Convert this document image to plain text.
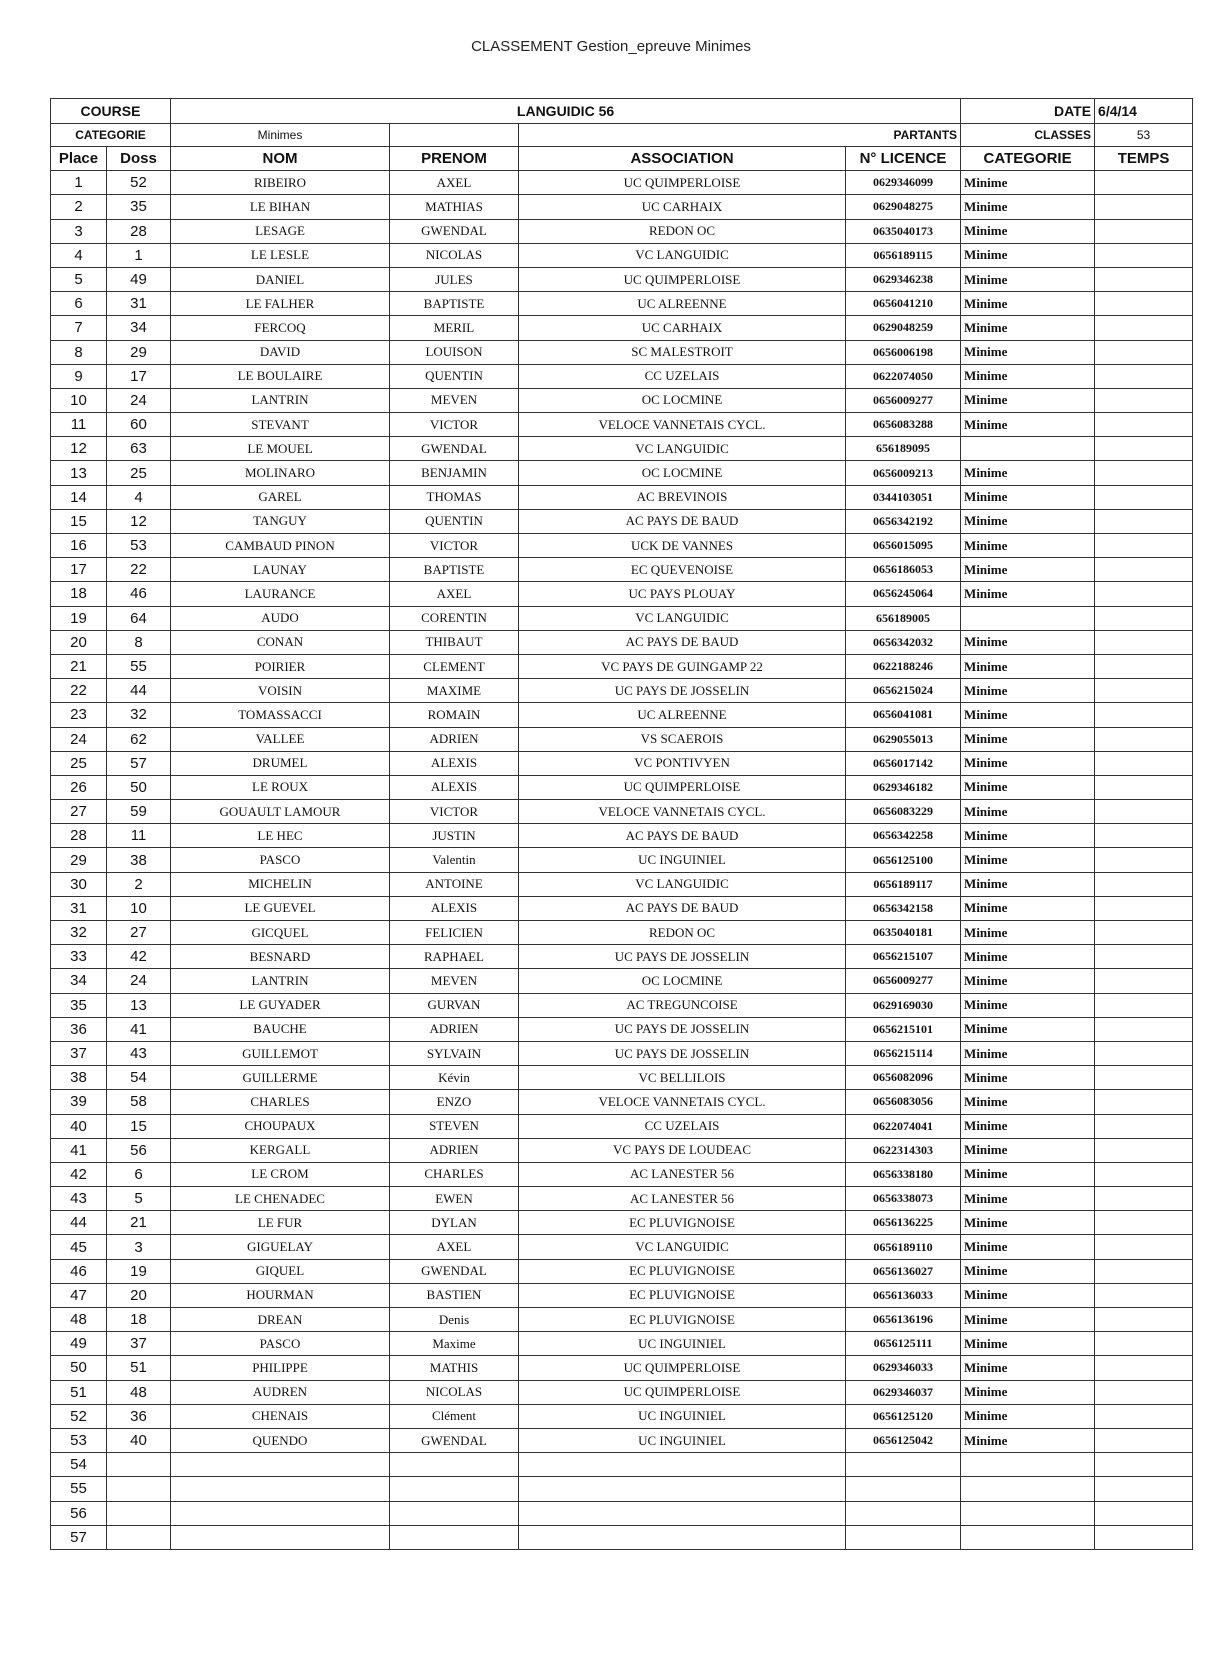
CLASSEMENT Gestion_epreuve Minimes
COURSE		LANGUIDIC 56				DATE	6/4/14
CATEGORIE		Minimes		PARTANTS		CLASSES	53
Place	Doss	NOM	PRENOM	ASSOCIATION	N° LICENCE	CATEGORIE	TEMPS
1	52	RIBEIRO	AXEL	UC QUIMPERLOISE	0629346099	Minime	
2	35	LE BIHAN	MATHIAS	UC CARHAIX	0629048275	Minime	
3	28	LESAGE	GWENDAL	REDON OC	0635040173	Minime	
4	1	LE LESLE	NICOLAS	VC LANGUIDIC	0656189115	Minime	
5	49	DANIEL	JULES	UC QUIMPERLOISE	0629346238	Minime	
6	31	LE FALHER	BAPTISTE	UC ALREENNE	0656041210	Minime	
7	34	FERCOQ	MERIL	UC CARHAIX	0629048259	Minime	
8	29	DAVID	LOUISON	SC MALESTROIT	0656006198	Minime	
9	17	LE BOULAIRE	QUENTIN	CC UZELAIS	0622074050	Minime	
10	24	LANTRIN	MEVEN	OC LOCMINE	0656009277	Minime	
11	60	STEVANT	VICTOR	VELOCE VANNETAIS CYCL.	0656083288	Minime	
12	63	LE MOUEL	GWENDAL	VC LANGUIDIC	656189095		
13	25	MOLINARO	BENJAMIN	OC LOCMINE	0656009213	Minime	
14	4	GAREL	THOMAS	AC BREVINOIS	0344103051	Minime	
15	12	TANGUY	QUENTIN	AC PAYS DE BAUD	0656342192	Minime	
16	53	CAMBAUD PINON	VICTOR	UCK DE VANNES	0656015095	Minime	
17	22	LAUNAY	BAPTISTE	EC QUEVENOISE	0656186053	Minime	
18	46	LAURANCE	AXEL	UC PAYS PLOUAY	0656245064	Minime	
19	64	AUDO	CORENTIN	VC LANGUIDIC	656189005		
20	8	CONAN	THIBAUT	AC PAYS DE BAUD	0656342032	Minime	
21	55	POIRIER	CLEMENT	VC PAYS DE GUINGAMP 22	0622188246	Minime	
22	44	VOISIN	MAXIME	UC PAYS DE JOSSELIN	0656215024	Minime	
23	32	TOMASSACCI	ROMAIN	UC ALREENNE	0656041081	Minime	
24	62	VALLEE	ADRIEN	VS SCAEROIS	0629055013	Minime	
25	57	DRUMEL	ALEXIS	VC PONTIVYEN	0656017142	Minime	
26	50	LE ROUX	ALEXIS	UC QUIMPERLOISE	0629346182	Minime	
27	59	GOUAULT LAMOUR	VICTOR	VELOCE VANNETAIS CYCL.	0656083229	Minime	
28	11	LE HEC	JUSTIN	AC PAYS DE BAUD	0656342258	Minime	
29	38	PASCO	Valentin	UC INGUINIEL	0656125100	Minime	
30	2	MICHELIN	ANTOINE	VC LANGUIDIC	0656189117	Minime	
31	10	LE GUEVEL	ALEXIS	AC PAYS DE BAUD	0656342158	Minime	
32	27	GICQUEL	FELICIEN	REDON OC	0635040181	Minime	
33	42	BESNARD	RAPHAEL	UC PAYS DE JOSSELIN	0656215107	Minime	
34	24	LANTRIN	MEVEN	OC LOCMINE	0656009277	Minime	
35	13	LE GUYADER	GURVAN	AC TREGUNCOISE	0629169030	Minime	
36	41	BAUCHE	ADRIEN	UC PAYS DE JOSSELIN	0656215101	Minime	
37	43	GUILLEMOT	SYLVAIN	UC PAYS DE JOSSELIN	0656215114	Minime	
38	54	GUILLERME	Kévin	VC BELLILOIS	0656082096	Minime	
39	58	CHARLES	ENZO	VELOCE VANNETAIS CYCL.	0656083056	Minime	
40	15	CHOUPAUX	STEVEN	CC UZELAIS	0622074041	Minime	
41	56	KERGALL	ADRIEN	VC PAYS DE LOUDEAC	0622314303	Minime	
42	6	LE CROM	CHARLES	AC LANESTER 56	0656338180	Minime	
43	5	LE CHENADEC	EWEN	AC LANESTER 56	0656338073	Minime	
44	21	LE FUR	DYLAN	EC PLUVIGNOISE	0656136225	Minime	
45	3	GIGUELAY	AXEL	VC LANGUIDIC	0656189110	Minime	
46	19	GIQUEL	GWENDAL	EC PLUVIGNOISE	0656136027	Minime	
47	20	HOURMAN	BASTIEN	EC PLUVIGNOISE	0656136033	Minime	
48	18	DREAN	Denis	EC PLUVIGNOISE	0656136196	Minime	
49	37	PASCO	Maxime	UC INGUINIEL	0656125111	Minime	
50	51	PHILIPPE	MATHIS	UC QUIMPERLOISE	0629346033	Minime	
51	48	AUDREN	NICOLAS	UC QUIMPERLOISE	0629346037	Minime	
52	36	CHENAIS	Clément	UC INGUINIEL	0656125120	Minime	
53	40	QUENDO	GWENDAL	UC INGUINIEL	0656125042	Minime	
54							
55							
56							
57							
